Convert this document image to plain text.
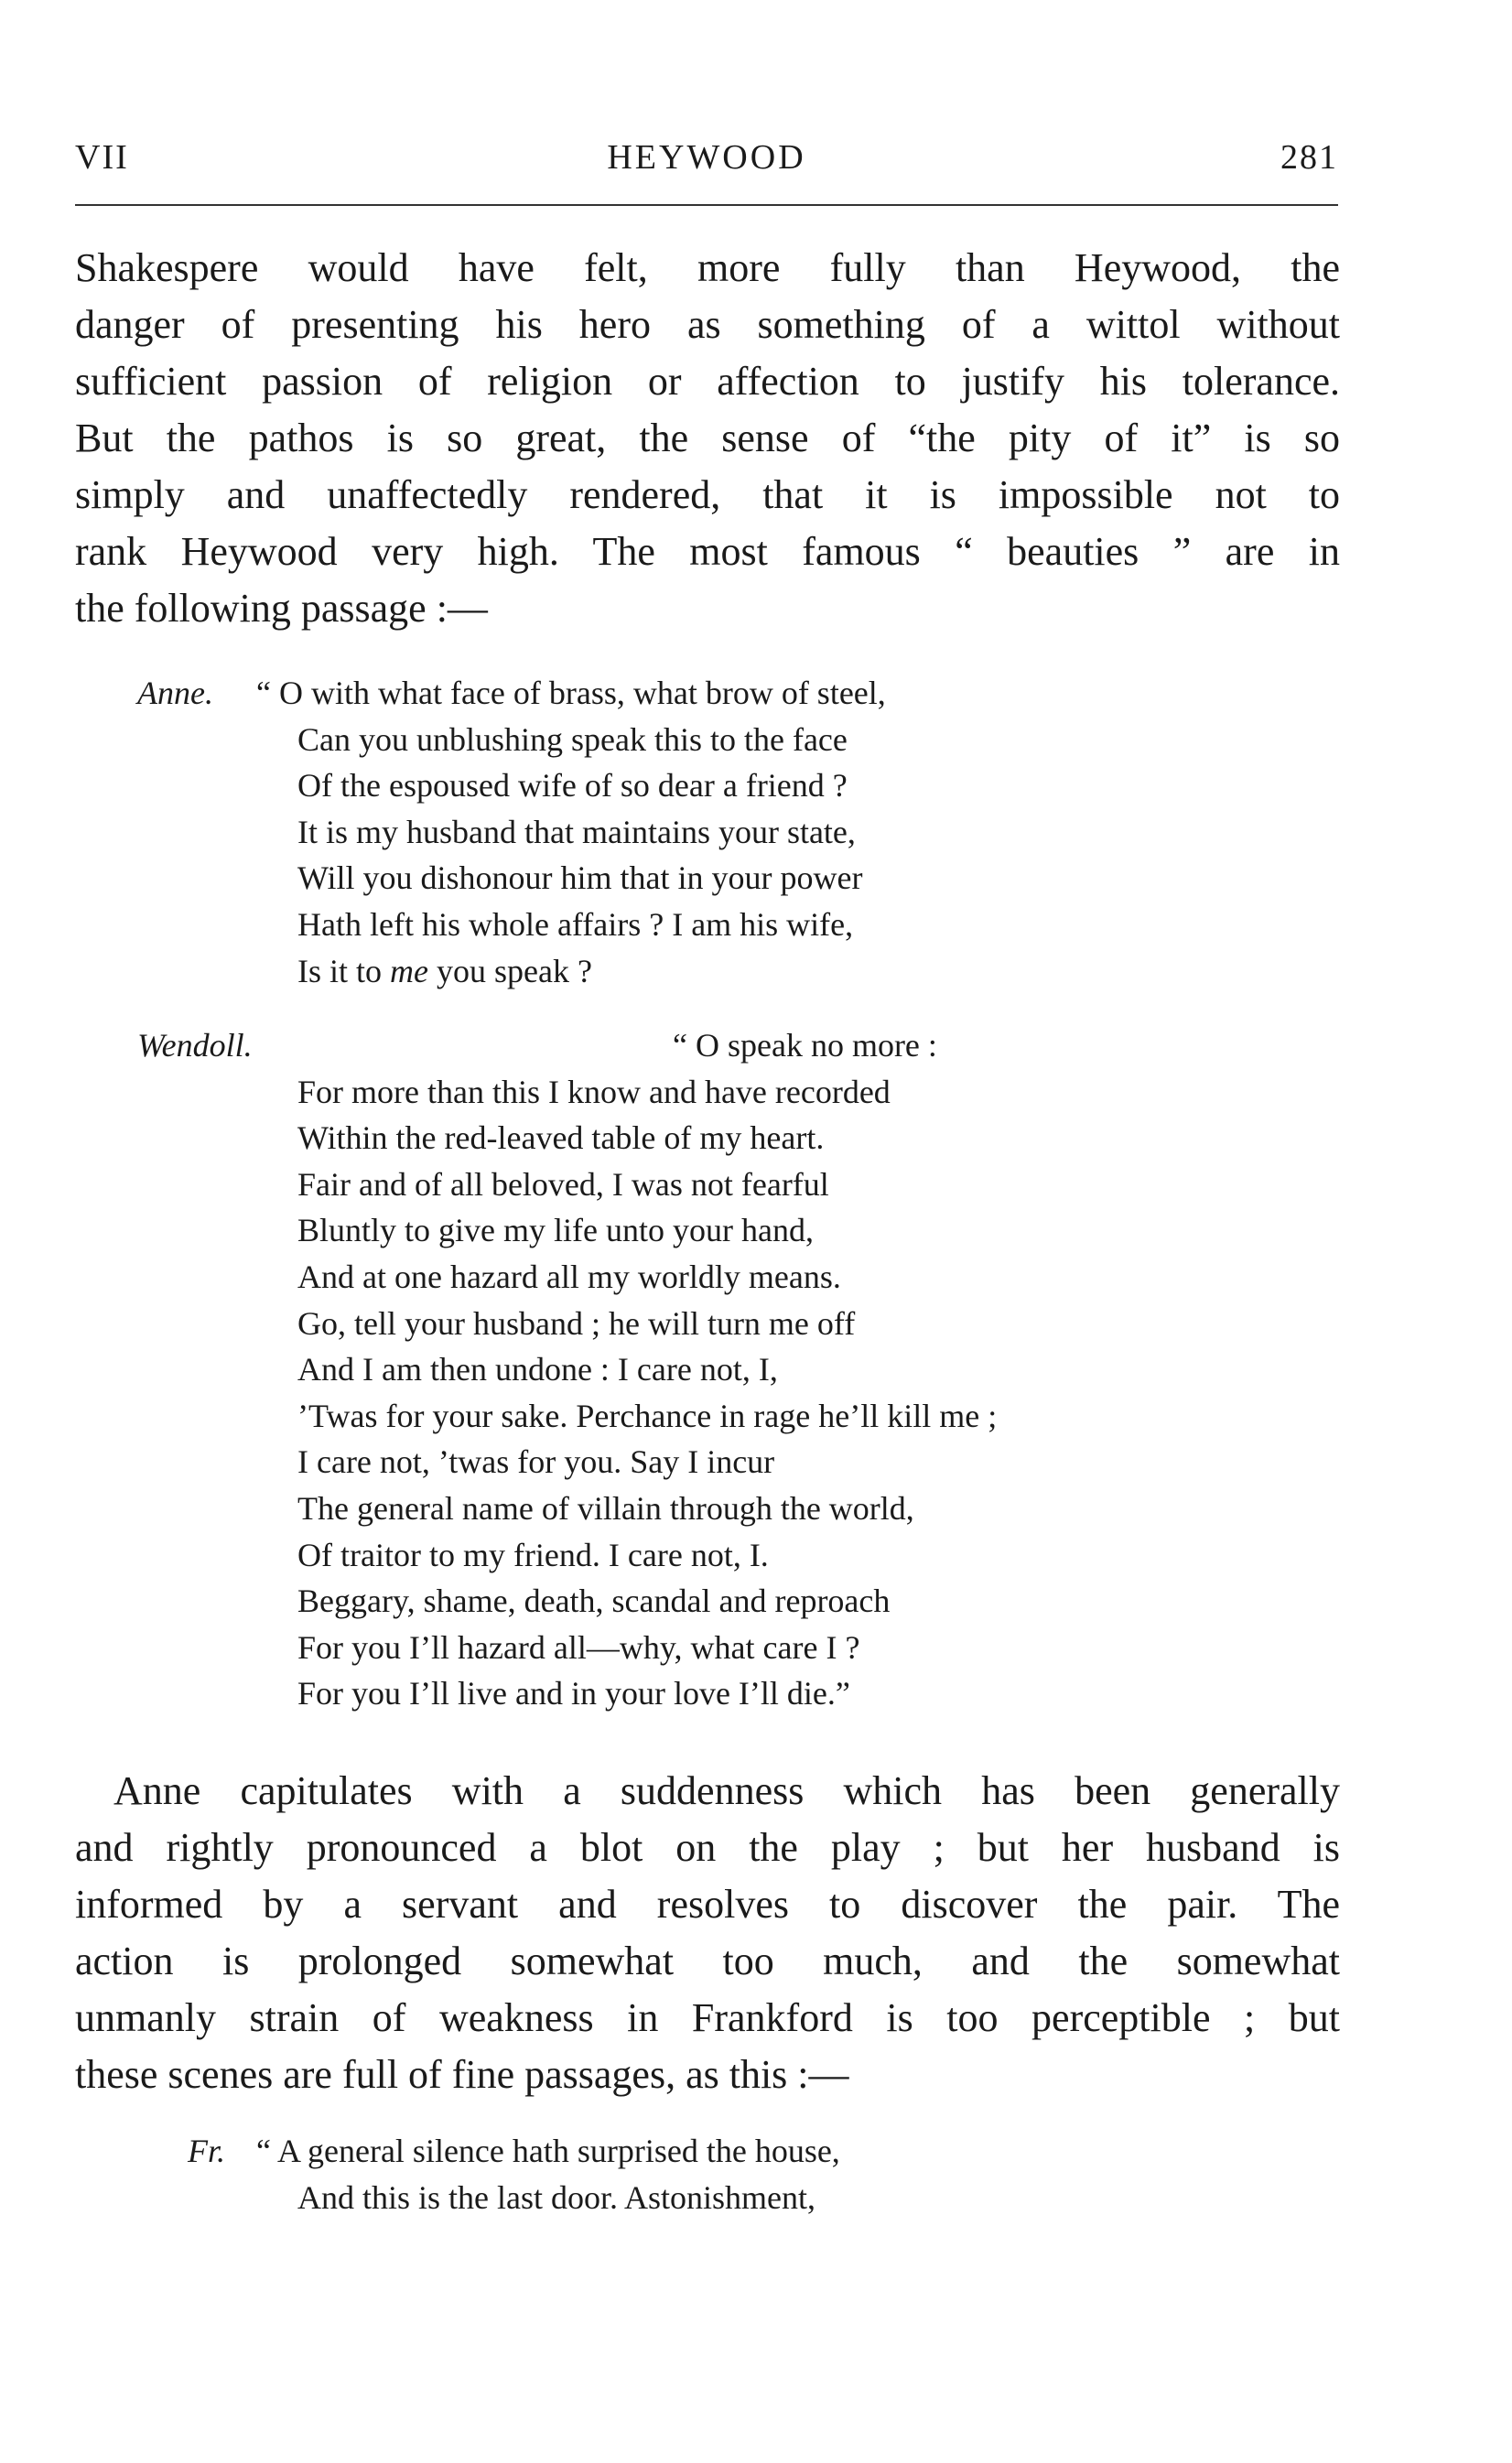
VII	HEYWOOD	281
Shakespere would have felt, more fully than Heywood, the
danger of presenting his hero as something of a wittol without
sufficient passion of religion or affection to justify his tolerance.
But the pathos is so great, the sense of “the pity of it” is so
simply and unaffectedly rendered, that it is impossible not to
rank Heywood very high. The most famous “ beauties ” are in
the following passage :—
Anne. “ O with what face of brass, what brow of steel,
Can you unblushing speak this to the face
Of the espoused wife of so dear a friend ?
It is my husband that maintains your state,
Will you dishonour him that in your power
Hath left his whole affairs ? I am his wife,
Is it to me you speak ?
Wendoll.	“ O speak no more :
For more than this I know and have recorded
Within the red-leaved table of my heart.
Fair and of all beloved, I was not fearful
Bluntly to give my life unto your hand,
And at one hazard all my worldly means.
Go, tell your husband ; he will turn me off
And I am then undone : I care not, I,
’Twas for your sake. Perchance in rage he’ll kill me ;
I care not, ’twas for you. Say I incur
The general name of villain through the world,
Of traitor to my friend. I care not, I.
Beggary, shame, death, scandal and reproach
For you I’ll hazard all—why, what care I ?
For you I’ll live and in your love I’ll die.”
Anne capitulates with a suddenness which has been generally
and rightly pronounced a blot on the play ; but her husband is
informed by a servant and resolves to discover the pair. The
action is prolonged somewhat too much, and the somewhat
unmanly strain of weakness in Frankford is too perceptible ; but
these scenes are full of fine passages, as this :—
Fr. “ A general silence hath surprised the house,
And this is the last door. Astonishment,
